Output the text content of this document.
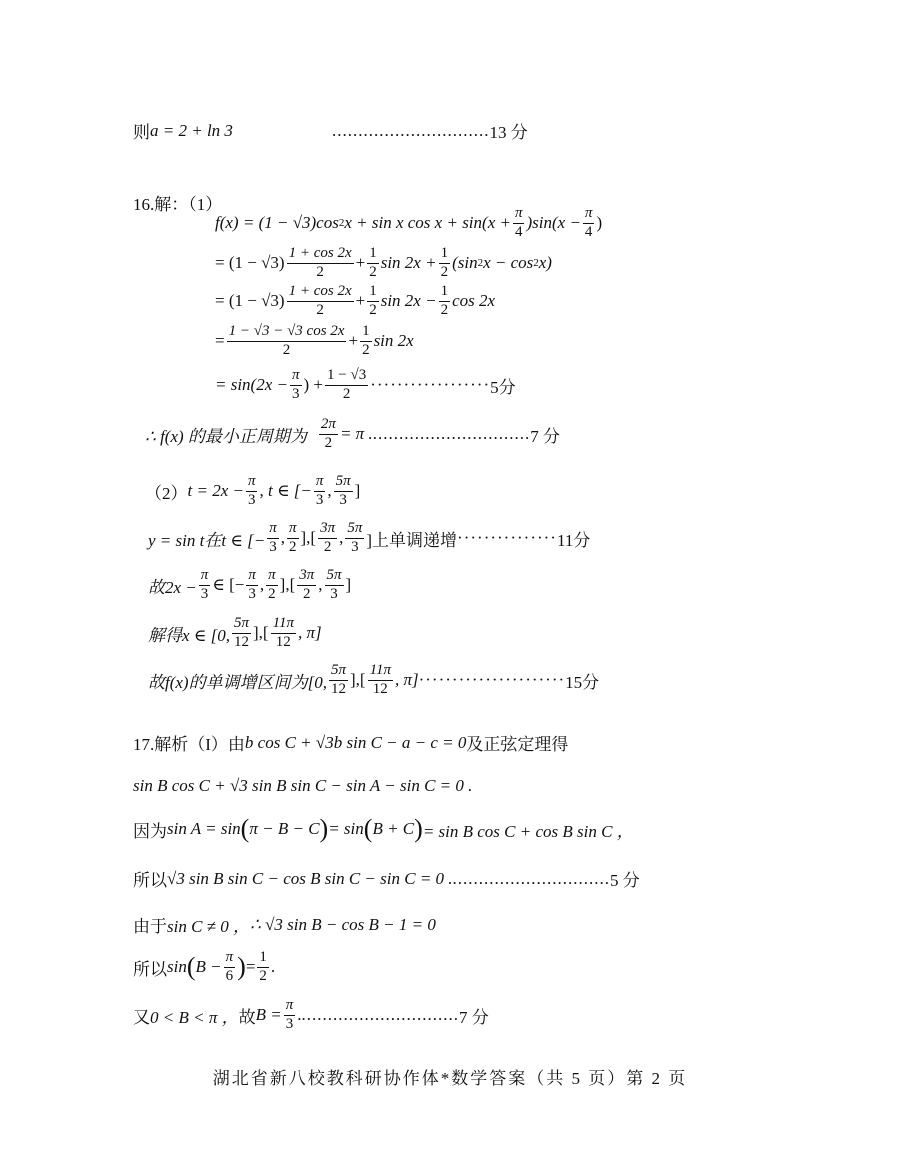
则 a = 2 + ln 3	.............................. 13 分
16.解：（1）
f(x) = (1 − √3)cos 2 x + sin x $\cos x + \sin(x + \frac{\pi}{4} )\sin(x - \frac{\pi}{4}$ )
= $(1 - √3) \frac{1 + \cos 2x}{2} + \frac{1}{2}$ $\sin 2x + \frac{1}{2} (\sin$ 2 x − cos 2 x)
= $(1 - √3) \frac{1 + \cos 2x}{2} + \frac{1}{2}$ $\sin 2x - \frac{1}{2}$ cos 2x
= $\frac{1 - √3 - √3 \cos 2x}{2} + \frac{1}{2}$ sin 2x
= $\sin(2x - \frac{\pi}{3}$ ) + $\frac{1 - √3}{2}$ ·················· 5分
∴ f(x) 的最小正周期为 $\frac{2\pi}{2} = \pi$ . .............................. 7 分
（2） $t = 2x - \frac{\pi}{3}$ , t ∈ [− $\frac{\pi}{3}$ , $\frac{5\pi}{3}$ ]
y = sin t在t ∈ [− $\frac{\pi}{3}$ , $\frac{\pi}{2}$ ],[ $\frac{3\pi}{2}$ , $\frac{5\pi}{3}$ ]上单调递增 ··············· 11分
故$2x - \frac{\pi}{3}$ ∈ [− $\frac{\pi}{3}$ , $\frac{\pi}{2}$ ],[ $\frac{3\pi}{2}$ , $\frac{5\pi}{3}$ ]
解得x ∈ [0, $\frac{5\pi}{12}$ ],[ $\frac{11\pi}{12}$ , π]
故f(x)的单调增区间为[0, $\frac{5\pi}{12}$ ],[ $\frac{11\pi}{12}$ , π] ······················ 15分
17.解析（I）由 b cos C + √3b sin C − a − c = 0 及正弦定理得
sin B cos C + √3 sin B sin C − sin A − sin C = 0 .
因为 sin A = sin ( π − B − C ) = sin ( B + C ) = sin B cos C + cos B sin C ，
所以 √3 sin B sin C − cos B sin C − sin C = 0 . .............................. 5 分
由于 sin C ≠ 0 ， ∴ √3 sin B − cos B − 1 = 0
所以 sin ( $B - \frac{\pi}{6}$ ) = $\frac{1}{2}$ .
又 0 < B < π ， 故 $B = \frac{\pi}{3}$ . .............................. 7 分
湖北省新八校教科研协作体*数学答案（共 5 页）第 2 页
